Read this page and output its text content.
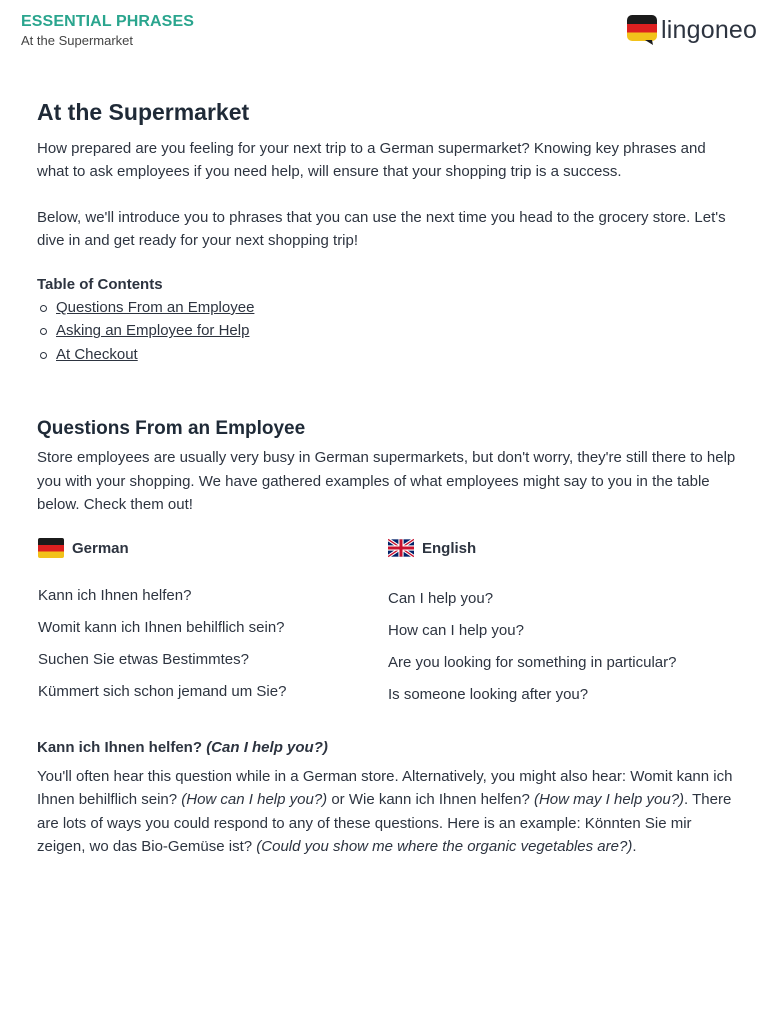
ESSENTIAL PHRASES
At the Supermarket	lingoneo
At the Supermarket

How prepared are you feeling for your next trip to a German supermarket? Knowing key phrases and what to ask employees if you need help, will ensure that your shopping trip is a success.

Below, we'll introduce you to phrases that you can use the next time you head to the grocery store. Let's dive in and get ready for your next shopping trip!

Table of Contents
Questions From an Employee
Asking an Employee for Help
At Checkout
Questions From an Employee

Store employees are usually very busy in German supermarkets, but don't worry, they're still there to help you with your shopping. We have gathered examples of what employees might say to you in the table below. Check them out!

German
Kann ich Ihnen helfen?
Womit kann ich Ihnen behilflich sein?
Suchen Sie etwas Bestimmtes?
Kümmert sich schon jemand um Sie?
English
Can I help you?
How can I help you?
Are you looking for something in particular?
Is someone looking after you?
Kann ich Ihnen helfen? (Can I help you?)

You'll often hear this question while in a German store. Alternatively, you might also hear: Womit kann ich Ihnen behilflich sein? (How can I help you?) or Wie kann ich Ihnen helfen? (How may I help you?). There are lots of ways you could respond to any of these questions. Here is an example: Könnten Sie mir zeigen, wo das Bio-Gemüse ist? (Could you show me where the organic vegetables are?).
